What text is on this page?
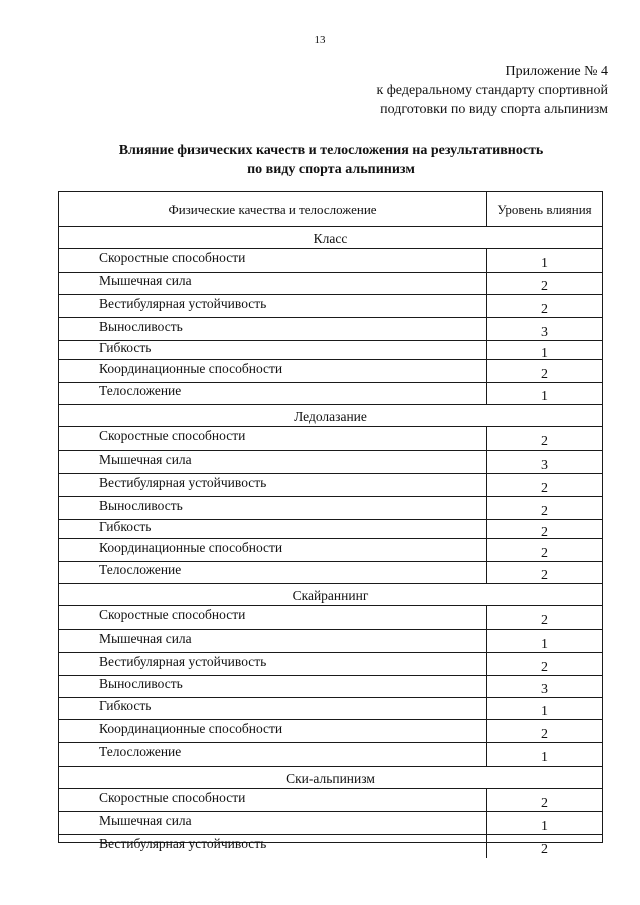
13
Приложение № 4
к федеральному стандарту спортивной
подготовки по виду спорта альпинизм
Влияние физических качеств и телосложения на результативность
по виду спорта альпинизм
Физические качества и телосложение	Уровень влияния
Класс
Скоростные способности	1
Мышечная сила	2
Вестибулярная устойчивость	2
Выносливость	3
Гибкость	1
Координационные способности	2
Телосложение	1
Ледолазание
Скоростные способности	2
Мышечная сила	3
Вестибулярная устойчивость	2
Выносливость	2
Гибкость	2
Координационные способности	2
Телосложение	2
Скайраннинг
Скоростные способности	2
Мышечная сила	1
Вестибулярная устойчивость	2
Выносливость	3
Гибкость	1
Координационные способности	2
Телосложение	1
Ски-альпинизм
Скоростные способности	2
Мышечная сила	1
Вестибулярная устойчивость	2
